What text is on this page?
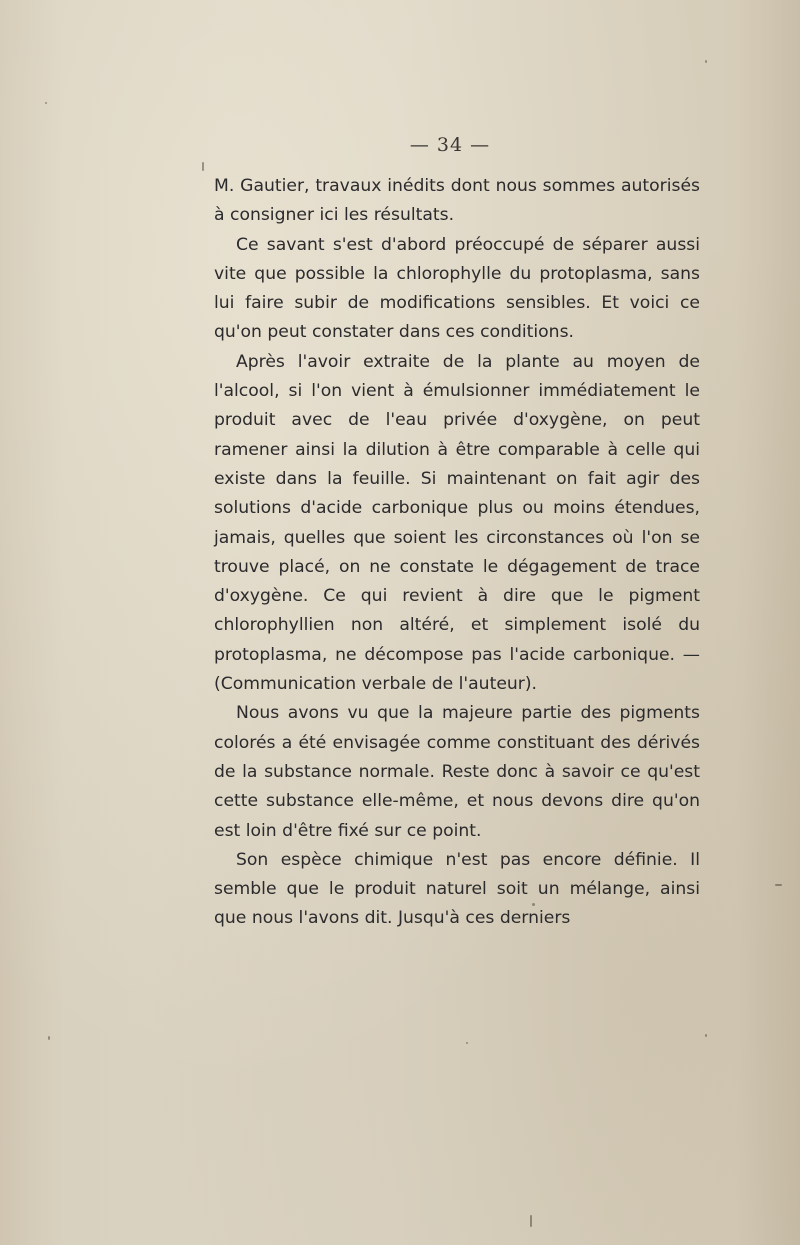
— 34 —

M. Gautier, travaux inédits dont nous sommes autorisés à consigner ici les résultats.

Ce savant s'est d'abord préoccupé de séparer aussi vite que possible la chlorophylle du protoplasma, sans lui faire subir de modifications sensibles. Et voici ce qu'on peut constater dans ces conditions.

Après l'avoir extraite de la plante au moyen de l'alcool, si l'on vient à émulsionner immédiatement le produit avec de l'eau privée d'oxygène, on peut ramener ainsi la dilution à être comparable à celle qui existe dans la feuille. Si maintenant on fait agir des solutions d'acide carbonique plus ou moins étendues, jamais, quelles que soient les circonstances où l'on se trouve placé, on ne constate le dégagement de trace d'oxygène. Ce qui revient à dire que le pigment chlorophyllien non altéré, et simplement isolé du protoplasma, ne décompose pas l'acide carbonique. — (Communication verbale de l'auteur).

Nous avons vu que la majeure partie des pigments colorés a été envisagée comme constituant des dérivés de la substance normale. Reste donc à savoir ce qu'est cette substance elle-même, et nous devons dire qu'on est loin d'être fixé sur ce point.

Son espèce chimique n'est pas encore définie. Il semble que le produit naturel soit un mélange, ainsi que nous l'avons dit. Jusqu'à ces derniers
